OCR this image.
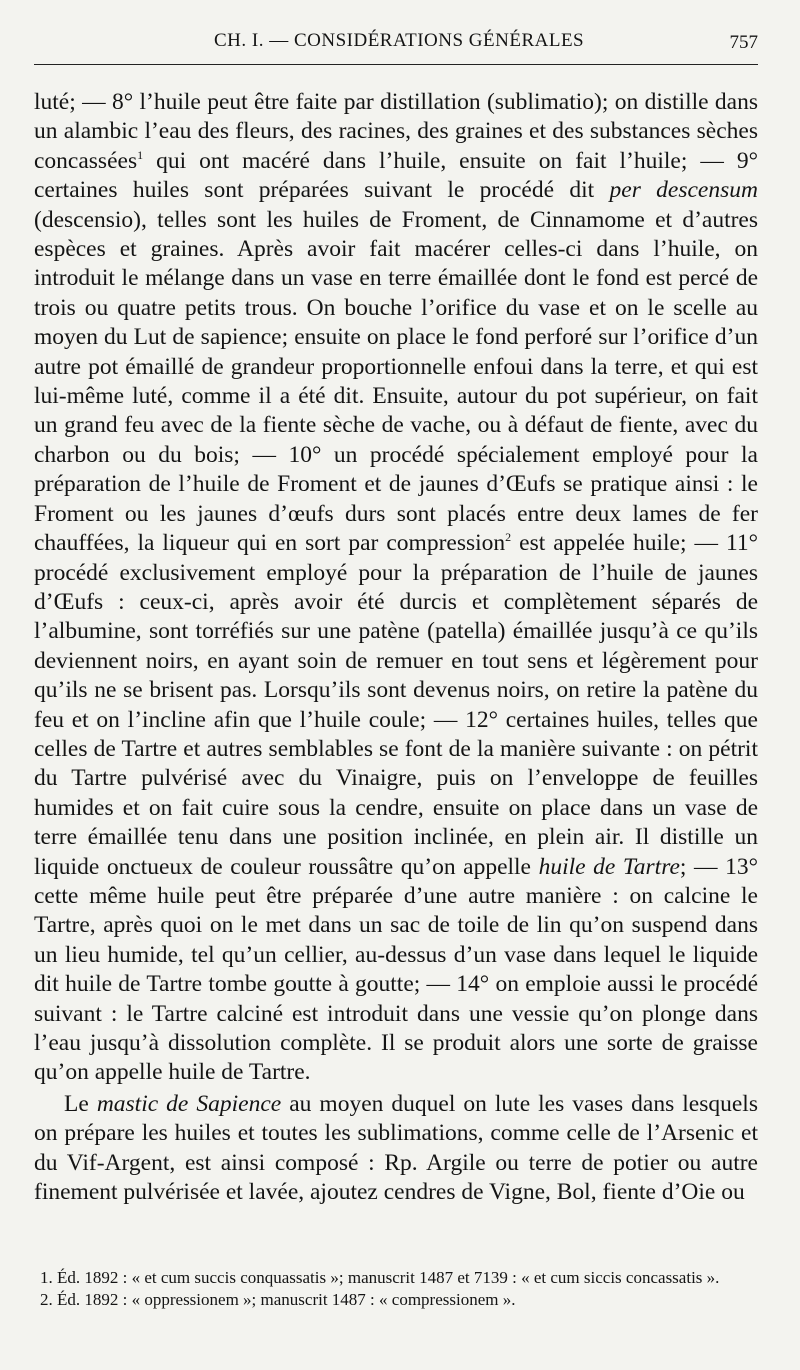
CH. I. — CONSIDÉRATIONS GÉNÉRALES	757

luté; — 8° l’huile peut être faite par distillation (sublimatio); on distille dans un alambic l’eau des fleurs, des racines, des graines et des substances sèches concassées$^1$ qui ont macéré dans l’huile, ensuite on fait l’huile; — 9° certaines huiles sont préparées suivant le procédé dit per descensum (descensio), telles sont les huiles de Froment, de Cinnamome et d’autres espèces et graines. Après avoir fait macérer celles-ci dans l’huile, on introduit le mélange dans un vase en terre émaillée dont le fond est percé de trois ou quatre petits trous. On bouche l’orifice du vase et on le scelle au moyen du Lut de sapience; ensuite on place le fond perforé sur l’orifice d’un autre pot émaillé de grandeur proportionnelle enfoui dans la terre, et qui est lui-même luté, comme il a été dit. Ensuite, autour du pot supérieur, on fait un grand feu avec de la fiente sèche de vache, ou à défaut de fiente, avec du charbon ou du bois; — 10° un procédé spécialement employé pour la préparation de l’huile de Froment et de jaunes d’Œufs se pratique ainsi : le Froment ou les jaunes d’œufs durs sont placés entre deux lames de fer chauffées, la liqueur qui en sort par compression$^2$ est appelée huile; — 11° procédé exclusivement employé pour la préparation de l’huile de jaunes d’Œufs : ceux-ci, après avoir été durcis et complètement séparés de l’albumine, sont torréfiés sur une patène (patella) émaillée jusqu’à ce qu’ils deviennent noirs, en ayant soin de remuer en tout sens et légèrement pour qu’ils ne se brisent pas. Lorsqu’ils sont devenus noirs, on retire la patène du feu et on l’incline afin que l’huile coule; — 12° certaines huiles, telles que celles de Tartre et autres semblables se font de la manière suivante : on pétrit du Tartre pulvérisé avec du Vinaigre, puis on l’enveloppe de feuilles humides et on fait cuire sous la cendre, ensuite on place dans un vase de terre émaillée tenu dans une position inclinée, en plein air. Il distille un liquide onctueux de couleur roussâtre qu’on appelle huile de Tartre; — 13° cette même huile peut être préparée d’une autre manière : on calcine le Tartre, après quoi on le met dans un sac de toile de lin qu’on suspend dans un lieu humide, tel qu’un cellier, au-dessus d’un vase dans lequel le liquide dit huile de Tartre tombe goutte à goutte; — 14° on emploie aussi le procédé suivant : le Tartre calciné est introduit dans une vessie qu’on plonge dans l’eau jusqu’à dissolution complète. Il se produit alors une sorte de graisse qu’on appelle huile de Tartre.

Le mastic de Sapience au moyen duquel on lute les vases dans lesquels on prépare les huiles et toutes les sublimations, comme celle de l’Arsenic et du Vif-Argent, est ainsi composé : Rp. Argile ou terre de potier ou autre finement pulvérisée et lavée, ajoutez cendres de Vigne, Bol, fiente d’Oie ou

1. Éd. 1892 : « et cum succis conquassatis »; manuscrit 1487 et 7139 : « et cum siccis concassatis ».

2. Éd. 1892 : « oppressionem »; manuscrit 1487 : « compressionem ».
